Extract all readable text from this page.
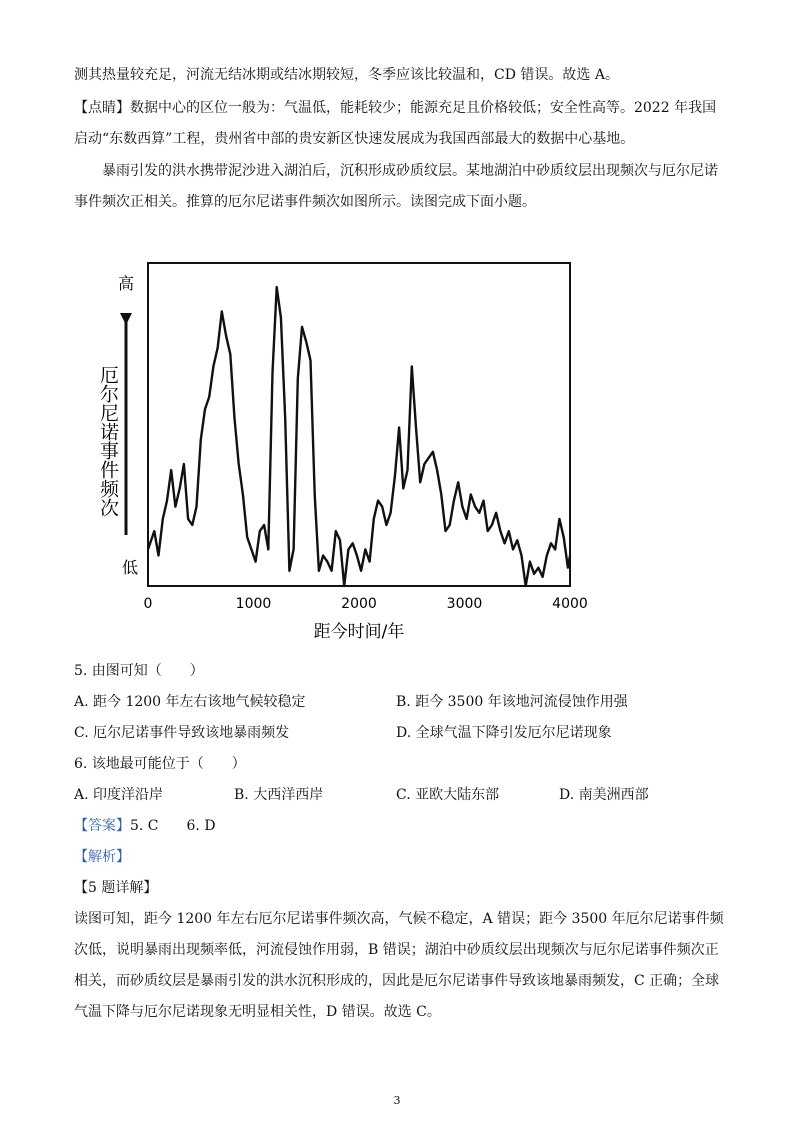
测其热量较充足，河流无结冰期或结冰期较短，冬季应该比较温和，CD 错误。故选 A。

【点睛】数据中心的区位一般为：气温低，能耗较少；能源充足且价格较低；安全性高等。2022 年我国启动“东数西算”工程，贵州省中部的贵安新区快速发展成为我国西部最大的数据中心基地。

暴雨引发的洪水携带泥沙进入湖泊后，沉积形成砂质纹层。某地湖泊中砂质纹层出现频次与厄尔尼诺事件频次正相关。推算的厄尔尼诺事件频次如图所示。读图完成下面小题。

高
厄尔尼诺事件频次
低
0	1000	2000	3000	4000
距今时间/年

5. 由图可知（　　）

A. 距今 1200 年左右该地气候较稳定	B. 距今 3500 年该地河流侵蚀作用强
C. 厄尔尼诺事件导致该地暴雨频发	D. 全球气温下降引发厄尔尼诺现象

6. 该地最可能位于（　　）

A. 印度洋沿岸	B. 大西洋西岸	C. 亚欧大陆东部	D. 南美洲西部

【答案】5. C　　6. D

【解析】

【5 题详解】

读图可知，距今 1200 年左右厄尔尼诺事件频次高，气候不稳定，A 错误；距今 3500 年厄尔尼诺事件频次低，说明暴雨出现频率低，河流侵蚀作用弱，B 错误；湖泊中砂质纹层出现频次与厄尔尼诺事件频次正相关，而砂质纹层是暴雨引发的洪水沉积形成的，因此是厄尔尼诺事件导致该地暴雨频发，C 正确；全球气温下降与厄尔尼诺现象无明显相关性，D 错误。故选 C。

3
